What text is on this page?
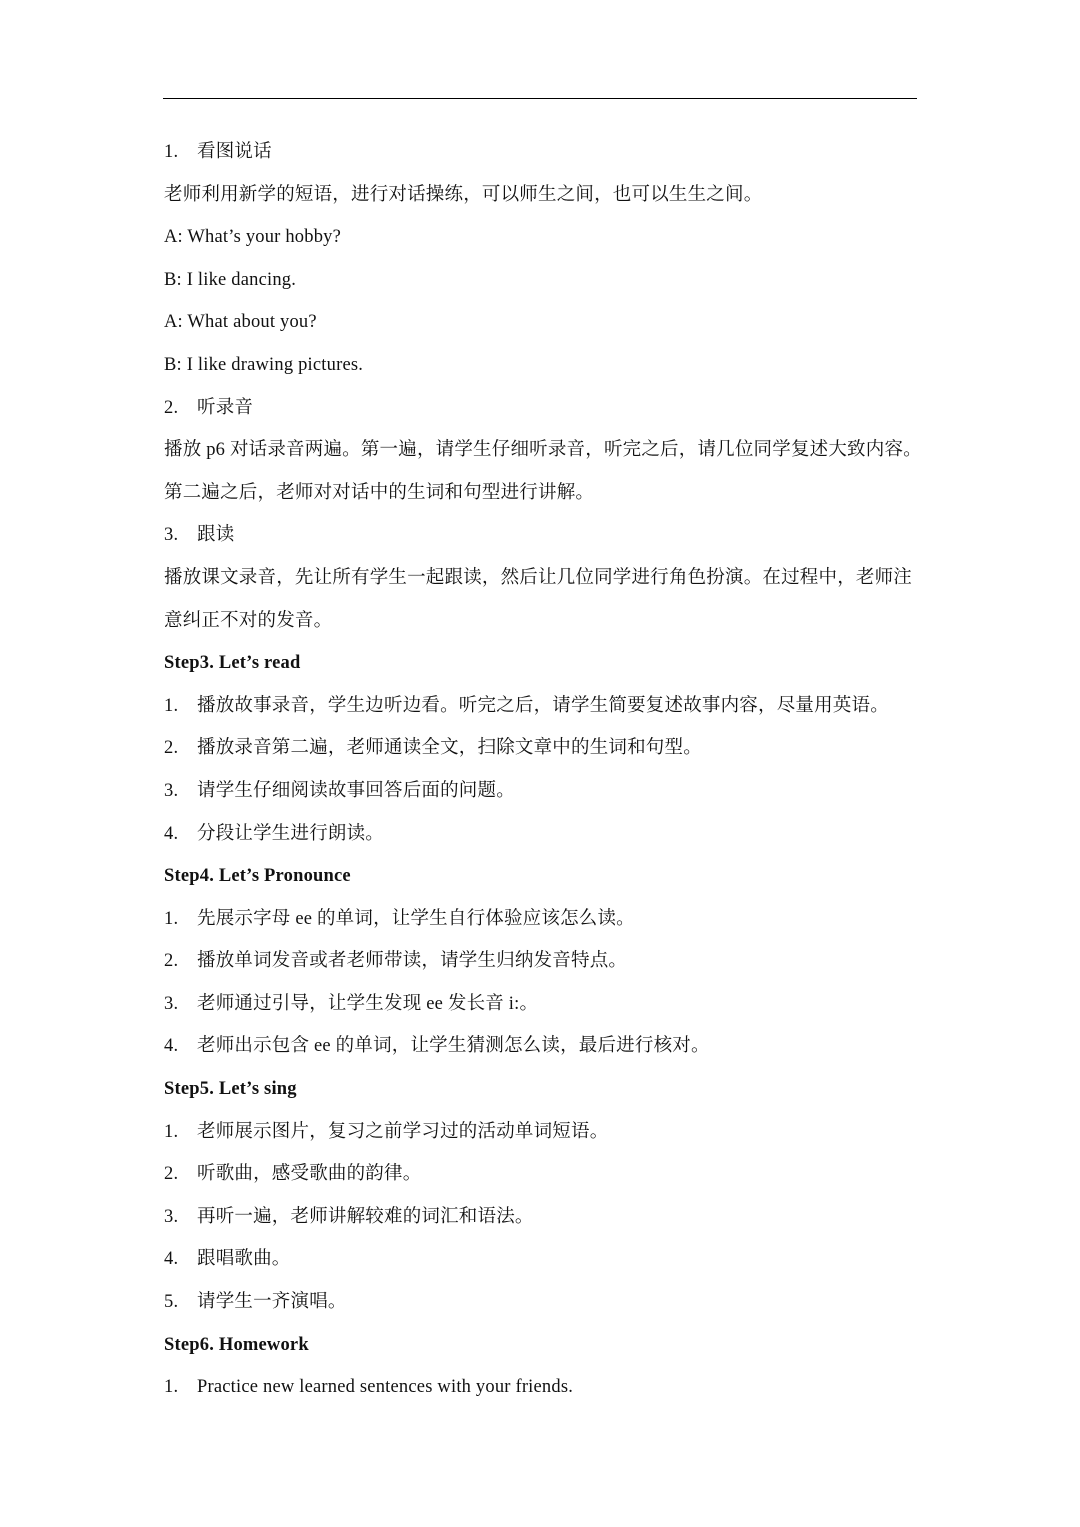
1. 看图说话
老师利用新学的短语，进行对话操练，可以师生之间，也可以生生之间。
A: What’s your hobby?
B: I like dancing.
A: What about you?
B: I like drawing pictures.
2. 听录音
播放 p6 对话录音两遍。第一遍，请学生仔细听录音，听完之后，请几位同学复述大致内容。
第二遍之后，老师对对话中的生词和句型进行讲解。
3. 跟读
播放课文录音，先让所有学生一起跟读，然后让几位同学进行角色扮演。在过程中，老师注
意纠正不对的发音。
Step3. Let’s read
1. 播放故事录音，学生边听边看。听完之后，请学生简要复述故事内容，尽量用英语。
2. 播放录音第二遍，老师通读全文，扫除文章中的生词和句型。
3. 请学生仔细阅读故事回答后面的问题。
4. 分段让学生进行朗读。
Step4. Let’s Pronounce
1. 先展示字母 ee 的单词，让学生自行体验应该怎么读。
2. 播放单词发音或者老师带读，请学生归纳发音特点。
3. 老师通过引导，让学生发现 ee 发长音 i:。
4. 老师出示包含 ee 的单词，让学生猜测怎么读，最后进行核对。
Step5. Let’s sing
1. 老师展示图片，复习之前学习过的活动单词短语。
2. 听歌曲，感受歌曲的韵律。
3. 再听一遍，老师讲解较难的词汇和语法。
4. 跟唱歌曲。
5. 请学生一齐演唱。
Step6. Homework
1. Practice new learned sentences with your friends.
